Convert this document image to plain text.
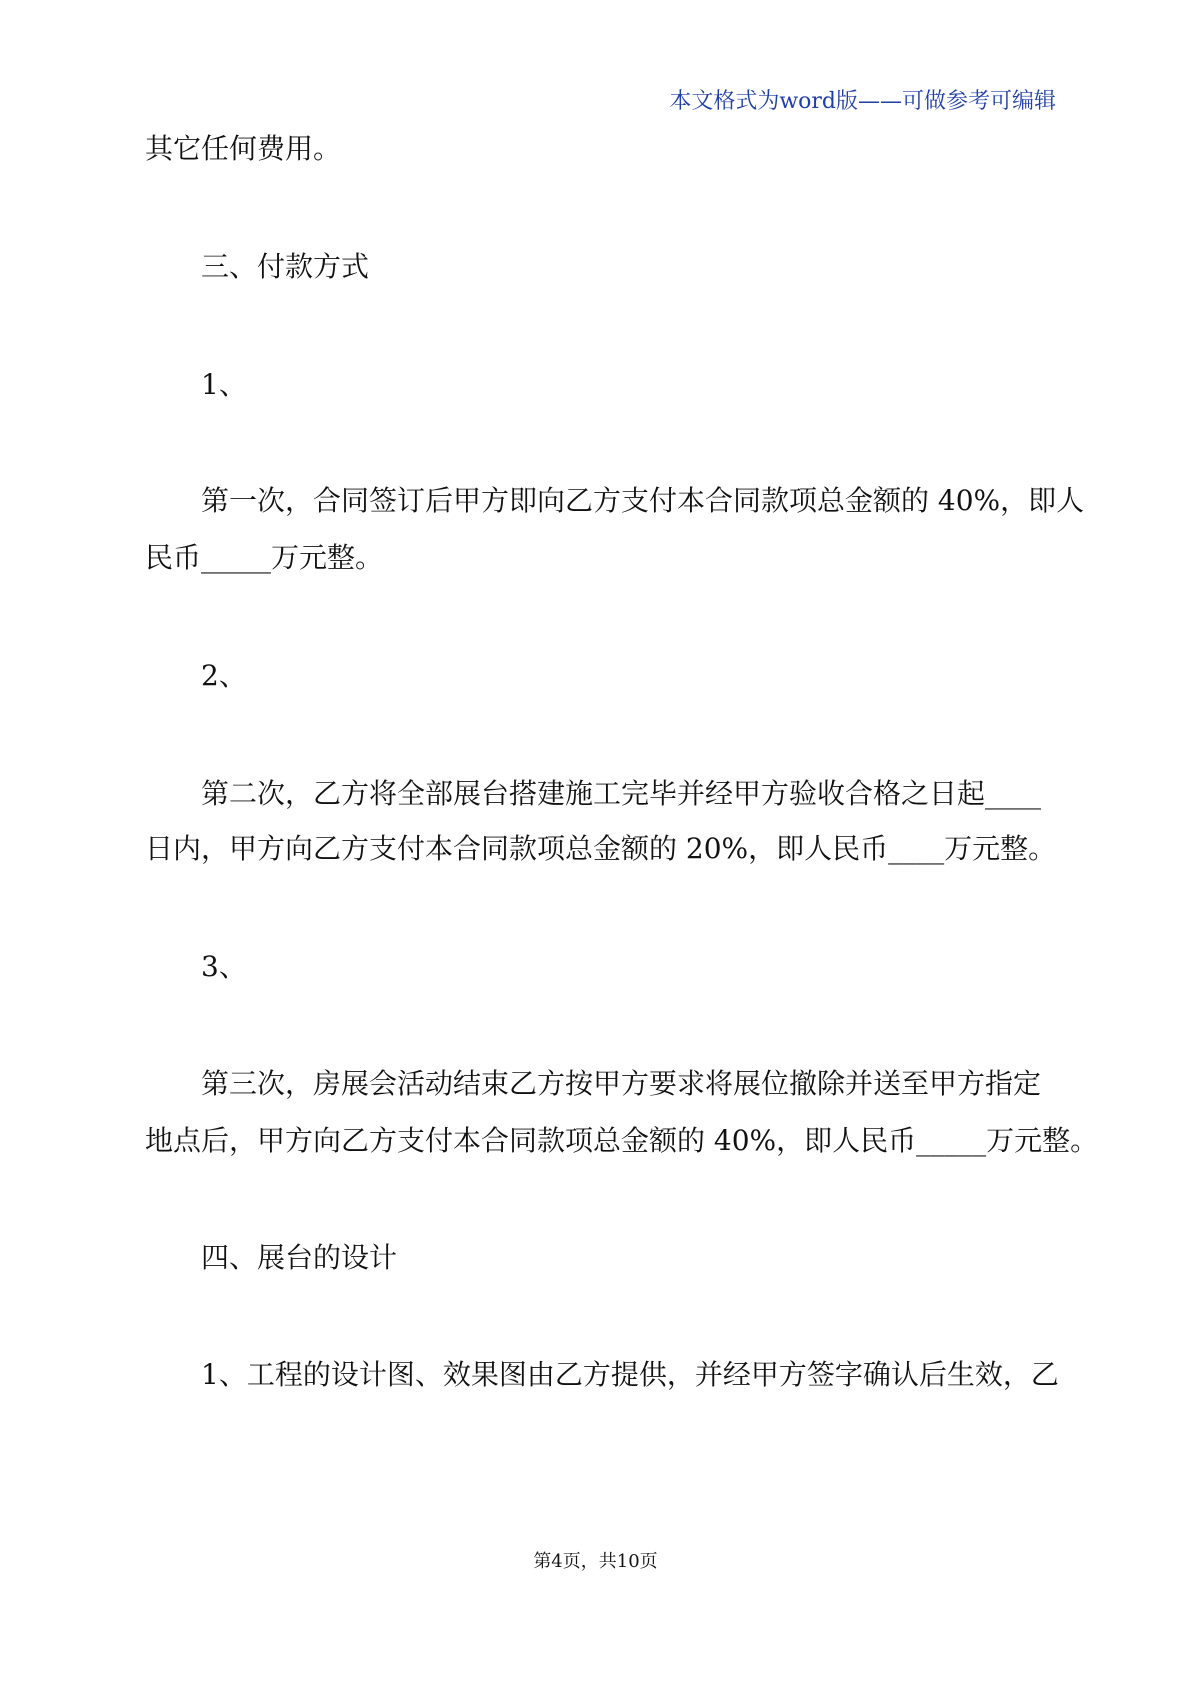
本文格式为word版——可做参考可编辑
其它任何费用。
三、付款方式
1、
第一次，合同签订后甲方即向乙方支付本合同款项总金额的 40%，即人
民币_____万元整。
2、
第二次，乙方将全部展台搭建施工完毕并经甲方验收合格之日起____
日内，甲方向乙方支付本合同款项总金额的 20%，即人民币____万元整。
3、
第三次，房展会活动结束乙方按甲方要求将展位撤除并送至甲方指定
地点后，甲方向乙方支付本合同款项总金额的 40%，即人民币_____万元整。
四、展台的设计
1、工程的设计图、效果图由乙方提供，并经甲方签字确认后生效，乙
第4页，共10页
